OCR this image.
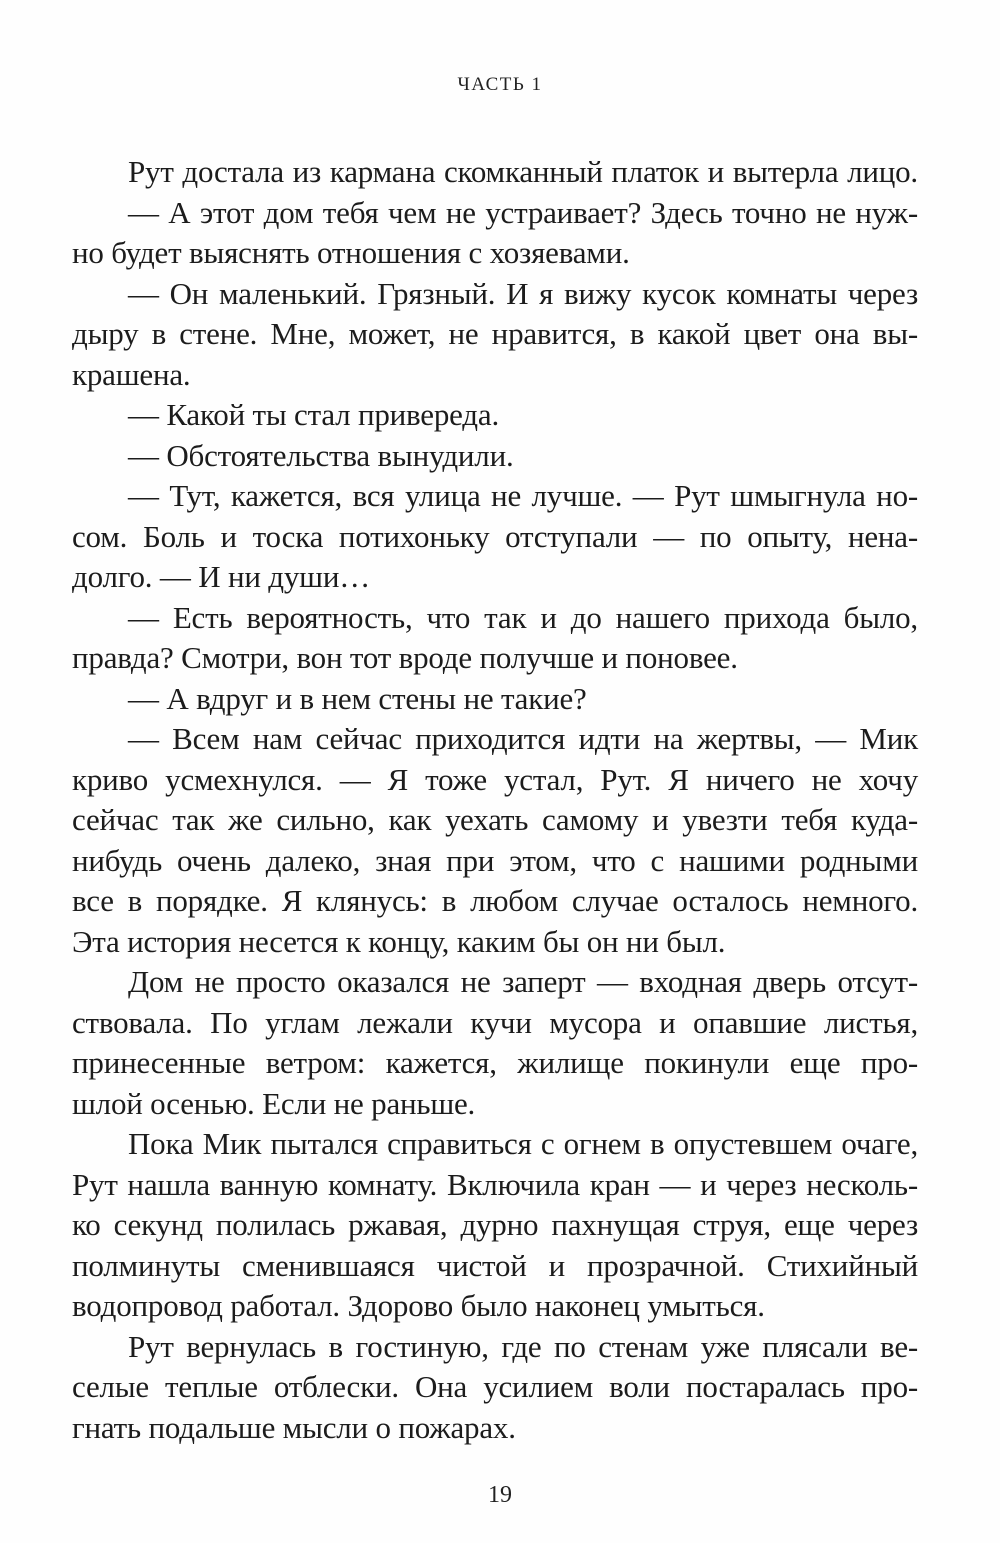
ЧАСТЬ 1
Рут достала из кармана скомканный платок и вытерла лицо.
— А этот дом тебя чем не устраивает? Здесь точно не нуж-
но будет выяснять отношения с хозяевами.
— Он маленький. Грязный. И я вижу кусок комнаты через
дыру в стене. Мне, может, не нравится, в какой цвет она вы-
крашена.
— Какой ты стал привереда.
— Обстоятельства вынудили.
— Тут, кажется, вся улица не лучше. — Рут шмыгнула но-
сом. Боль и тоска потихоньку отступали — по опыту, нена-
долго. — И ни души…
— Есть вероятность, что так и до нашего прихода было,
правда? Смотри, вон тот вроде получше и поновее.
— А вдруг и в нем стены не такие?
— Всем нам сейчас приходится идти на жертвы, — Мик
криво усмехнулся. — Я тоже устал, Рут. Я ничего не хочу
сейчас так же сильно, как уехать самому и увезти тебя куда-
нибудь очень далеко, зная при этом, что с нашими родными
все в порядке. Я клянусь: в любом случае осталось немного.
Эта история несется к концу, каким бы он ни был.
Дом не просто оказался не заперт — входная дверь отсут-
ствовала. По углам лежали кучи мусора и опавшие листья,
принесенные ветром: кажется, жилище покинули еще про-
шлой осенью. Если не раньше.
Пока Мик пытался справиться с огнем в опустевшем очаге,
Рут нашла ванную комнату. Включила кран — и через несколь-
ко секунд полилась ржавая, дурно пахнущая струя, еще через
полминуты сменившаяся чистой и прозрачной. Стихийный
водопровод работал. Здорово было наконец умыться.
Рут вернулась в гостиную, где по стенам уже плясали ве-
селые теплые отблески. Она усилием воли постаралась про-
гнать подальше мысли о пожарах.
19
